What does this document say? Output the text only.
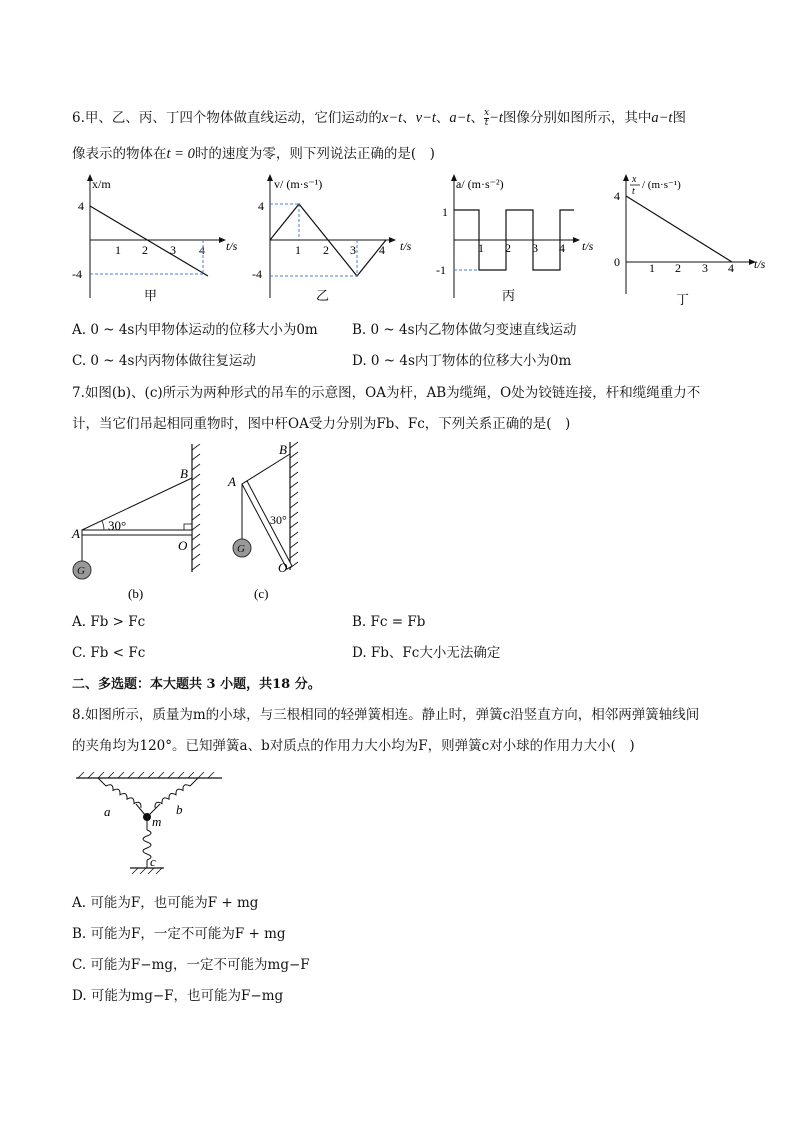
6.甲、乙、丙、丁四个物体做直线运动，它们运动的x−t、v−t、a−t、 $\frac{x}{t} -t$图像分别如图所示，其中a−t图
像表示的物体在t = 0时的速度为零，则下列说法正确的是(　)
x/m
t/s
4
-4
1 2 3 4
甲
v/ (m·s⁻¹)
t/s
4
-4
1 2 3 4
乙
a/ (m·s⁻²)
t/s
1
-1
1 2 3 4
丙
x
t
/ (m·s⁻¹)
t/s
4
0 1 2 3 4
丁
A. 0 ~ 4s内甲物体运动的位移大小为0m	B. 0 ~ 4s内乙物体做匀变速直线运动
C. 0 ~ 4s内丙物体做往复运动	D. 0 ~ 4s内丁物体的位移大小为0m
7.如图(b)、(c)所示为两种形式的吊车的示意图，OA为杆，AB为缆绳，O处为铰链连接，杆和缆绳重力不
计，当它们吊起相同重物时，图中杆OA受力分别为Fb、Fc，下列关系正确的是(　)
G
A
B
O
30°
(b)
G
A
B
O
30°
(c)
A. Fb > Fc	B. Fc = Fb
C. Fb < Fc	D. Fb、Fc大小无法确定
二、多选题：本大题共 3 小题，共18 分。
8.如图所示，质量为m的小球，与三根相同的轻弹簧相连。静止时，弹簧c沿竖直方向，相邻两弹簧轴线间
的夹角均为120°。已知弹簧a、b对质点的作用力大小均为F，则弹簧c对小球的作用力大小(　)
a	b
m
c
A. 可能为F，也可能为F + mg
B. 可能为F，一定不可能为F + mg
C. 可能为F−mg，一定不可能为mg−F
D. 可能为mg−F，也可能为F−mg
